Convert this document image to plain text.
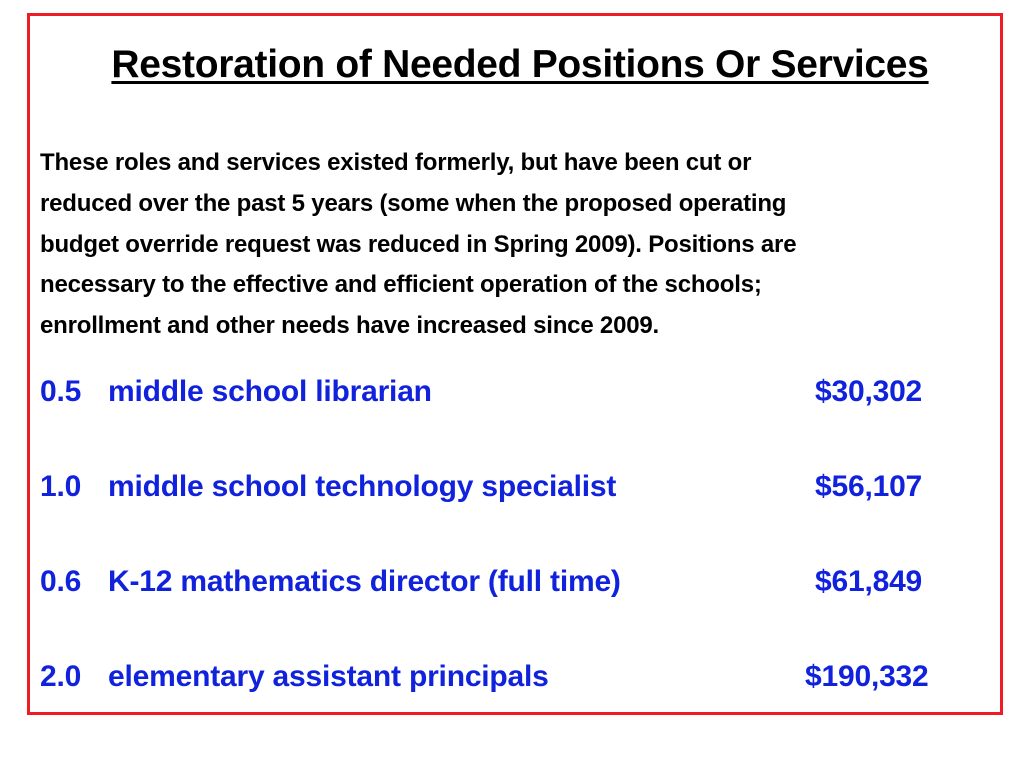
Restoration of Needed Positions Or Services

These roles and services existed formerly, but have been cut or
reduced over the past 5 years (some when the proposed operating
budget override request was reduced in Spring 2009). Positions are
necessary to the effective and efficient operation of the schools;
enrollment and other needs have increased since 2009.

0.5 middle school librarian	$30,302
1.0 middle school technology specialist	$56,107
0.6 K-12 mathematics director (full time)	$61,849
2.0 elementary assistant principals	$190,332
